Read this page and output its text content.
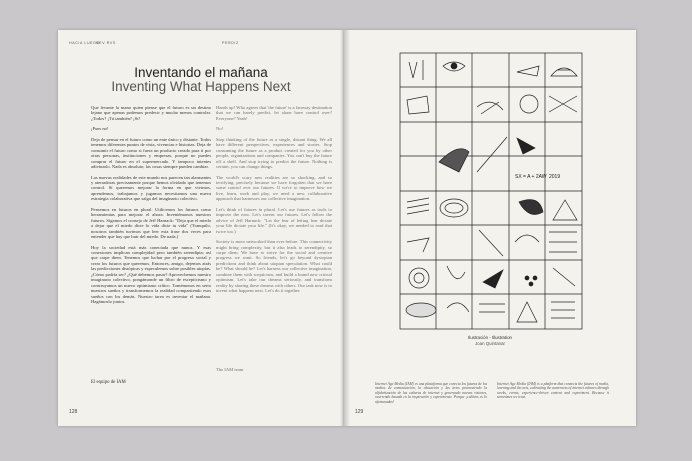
HACIA LUEGO
REV RVS	PERDIZ
Inventando el mañana
Inventing What Happens Next

Que levante la mano quien piense que el futuro es un destino lejano que apenas podemos predecir y mucho menos controlar. ¿Todos? ¡Tú también? ¡Sí!

¡Pues no!

Deja de pensar en el futuro como un ente único y distante. Todos tenemos diferentes puntos de vista, vivencias e historias. Deja de consumir el futuro como si fuera un producto creado para ti por otras personas, instituciones y empresas, porque no puedes comprar el futuro en el supermercado. Y tampoco intentes adivinarlo. Nada es absoluto; las cosas siempre pueden cambiar.

Las nuevas realidades de este mundo nos parecen tan alarmantes y aterradoras precisamente porque hemos olvidado que tenemos control. Si queremos mejorar la forma en que vivimos, aprendemos, trabajamos y jugamos necesitamos una nueva estrategia colaborativa que salga del imaginario colectivo.

Pensemos en futuros en plural. Utilicemos los futuros como herramientas para mejorar el ahora. Inventémonos nuestros futuros. Sigamos el consejo de Jeff Harnack: "Deja que el miedo a dejar que el miedo dicte lo vida dicte tu vida" (Tranquilo, nosotros también tuvimos que leer esta frase dos veces para entender que hay que huir del miedo. De nada.)

Hoy la sociedad está más conectada que nunca. Y esas conexiones implican complejidad pero también serendipia; así que carpe diem. Tenemos que luchar por el progreso social y crear los futuros que queremos. Entonces, amigo, dejemos atrás las predicciones distópicas y especulemos sobre posibles utopías. ¿Cómo podría ser? ¿Qué debemos pasar? Aprovechemos nuestro imaginario colectivo, pongámonde un filtro de escepticismo y construyamos un nuevo optimismo crítico. Tomémonos en serio nuestros sueños y transformemos la realidad compartiendo esos sueños con los demás. Nuestro tarea es inventar el mañana. Hagámoslo juntos.

El equipo de IAM

Hands up! Who agrees that 'the future' is a faraway destination that we can barely predict, let alone have control over? Everyone? Yeah!

No!

Stop thinking of the future as a single, distant thing. We all have different perspectives, experiences and stories. Stop consuming the future as a product created for you by other people, organizations and companies. You can't buy the future off a shelf. And stop trying to predict the future. Nothing is certain; you can change things.

The world's scary new realities are so shocking, and so terrifying, precisely because we have forgotten that we have some control over our futures. If we're to improve how we live, learn, work and play, we need a new, collaborative approach that harnesses our collective imagination.

Let's think of futures in plural. Let's use futures as tools to improve the now. Let's invent our futures. Let's follow the advice of Jeff Harnack: "Let the fear of letting fear dictate your life dictate your life." (It's okay, we needed to read that twice too.)

Society is more networked than ever before. This connectivity might bring complexity, but it also leads to serendipity, so carpe diem. We have to strive for the social and creative progress we want. So friends, let's go beyond dystopian predictions and think about utopian speculation. What could be? What should be? Let's harness our collective imagination, combine them with scepticism, and build a brand new critical optimism. Let's take our dreams seriously, and transform reality by sharing these dreams with others. Our task now is to invent what happens next. Let's do it together.

The IAM team
128
SX = A + 2AW 2019
Ilustración - Illustration
Joan Quintanar
Internet Age Media (IAM) es una plataforma que conecta los futuros de los medios de comunicación, la educación y las artes promoviendo la alfabetización de las culturas de internet y generando nuevas visiones, ocurrendo basada en la inspiración y experimento. Porque ¡cultivos es lo afortunadas!
Internet Age Media (IAM) is a platform that connects the futures of media, learning and the arts, cultivating the awareness of internet cultures through weeks, events, experience-driven content and experiment. Because it sometimes we trust.
129
